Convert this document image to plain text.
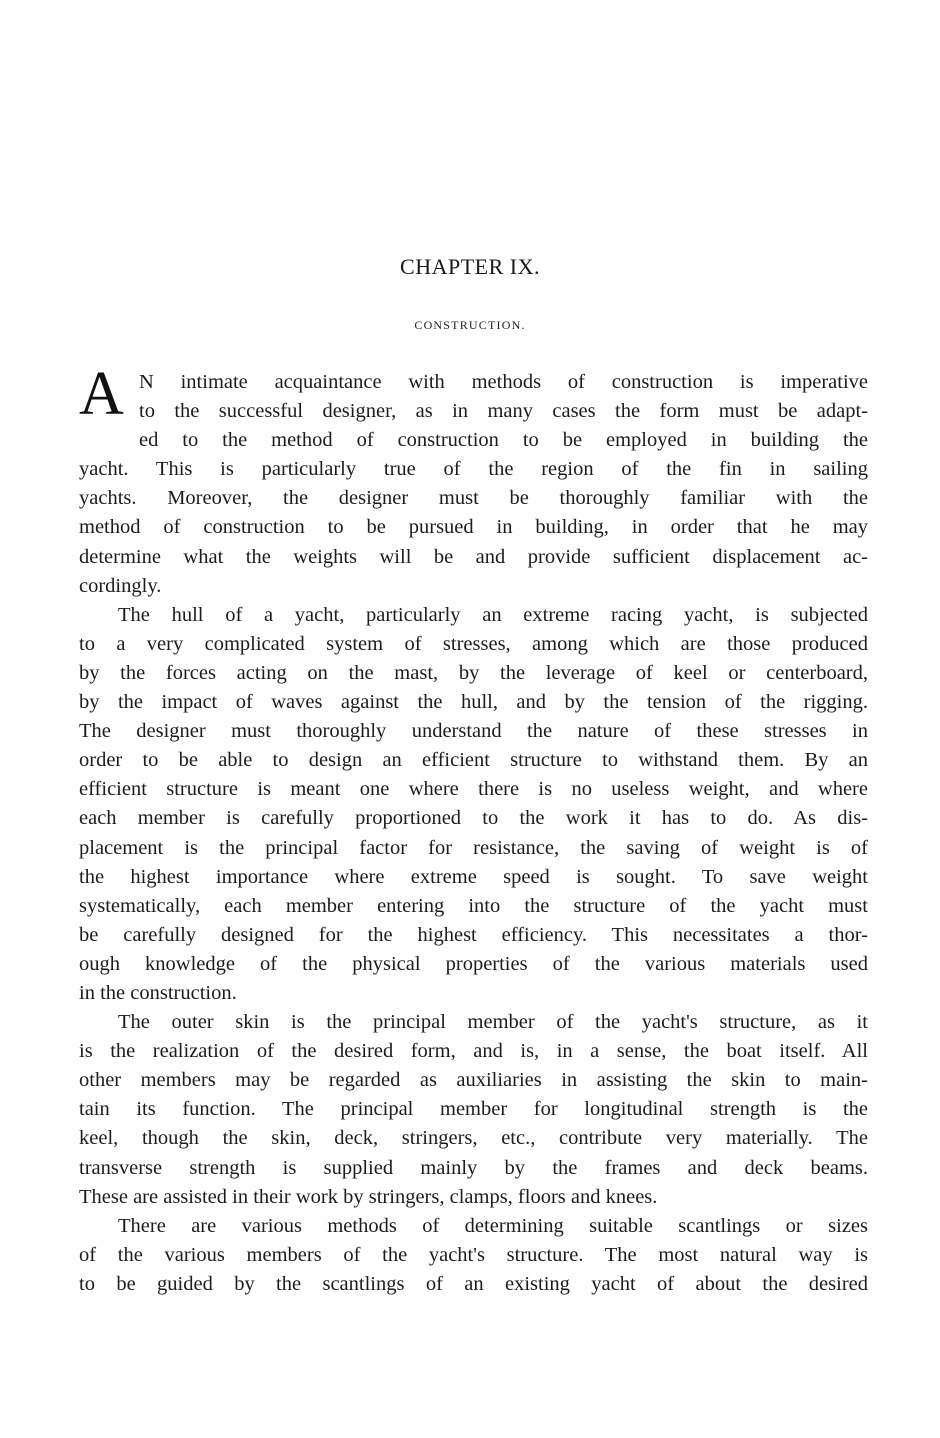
CHAPTER IX.
CONSTRUCTION.
A N intimate acquaintance with methods of construction is imperative
to the successful designer, as in many cases the form must be adapt-
ed to the method of construction to be employed in building the
yacht. This is particularly true of the region of the fin in sailing
yachts. Moreover, the designer must be thoroughly familiar with the
method of construction to be pursued in building, in order that he may
determine what the weights will be and provide sufficient displacement ac-
cordingly.
The hull of a yacht, particularly an extreme racing yacht, is subjected
to a very complicated system of stresses, among which are those produced
by the forces acting on the mast, by the leverage of keel or centerboard,
by the impact of waves against the hull, and by the tension of the rigging.
The designer must thoroughly understand the nature of these stresses in
order to be able to design an efficient structure to withstand them. By an
efficient structure is meant one where there is no useless weight, and where
each member is carefully proportioned to the work it has to do. As dis-
placement is the principal factor for resistance, the saving of weight is of
the highest importance where extreme speed is sought. To save weight
systematically, each member entering into the structure of the yacht must
be carefully designed for the highest efficiency. This necessitates a thor-
ough knowledge of the physical properties of the various materials used
in the construction.
The outer skin is the principal member of the yacht's structure, as it
is the realization of the desired form, and is, in a sense, the boat itself. All
other members may be regarded as auxiliaries in assisting the skin to main-
tain its function. The principal member for longitudinal strength is the
keel, though the skin, deck, stringers, etc., contribute very materially. The
transverse strength is supplied mainly by the frames and deck beams.
These are assisted in their work by stringers, clamps, floors and knees.
There are various methods of determining suitable scantlings or sizes
of the various members of the yacht's structure. The most natural way is
to be guided by the scantlings of an existing yacht of about the desired
